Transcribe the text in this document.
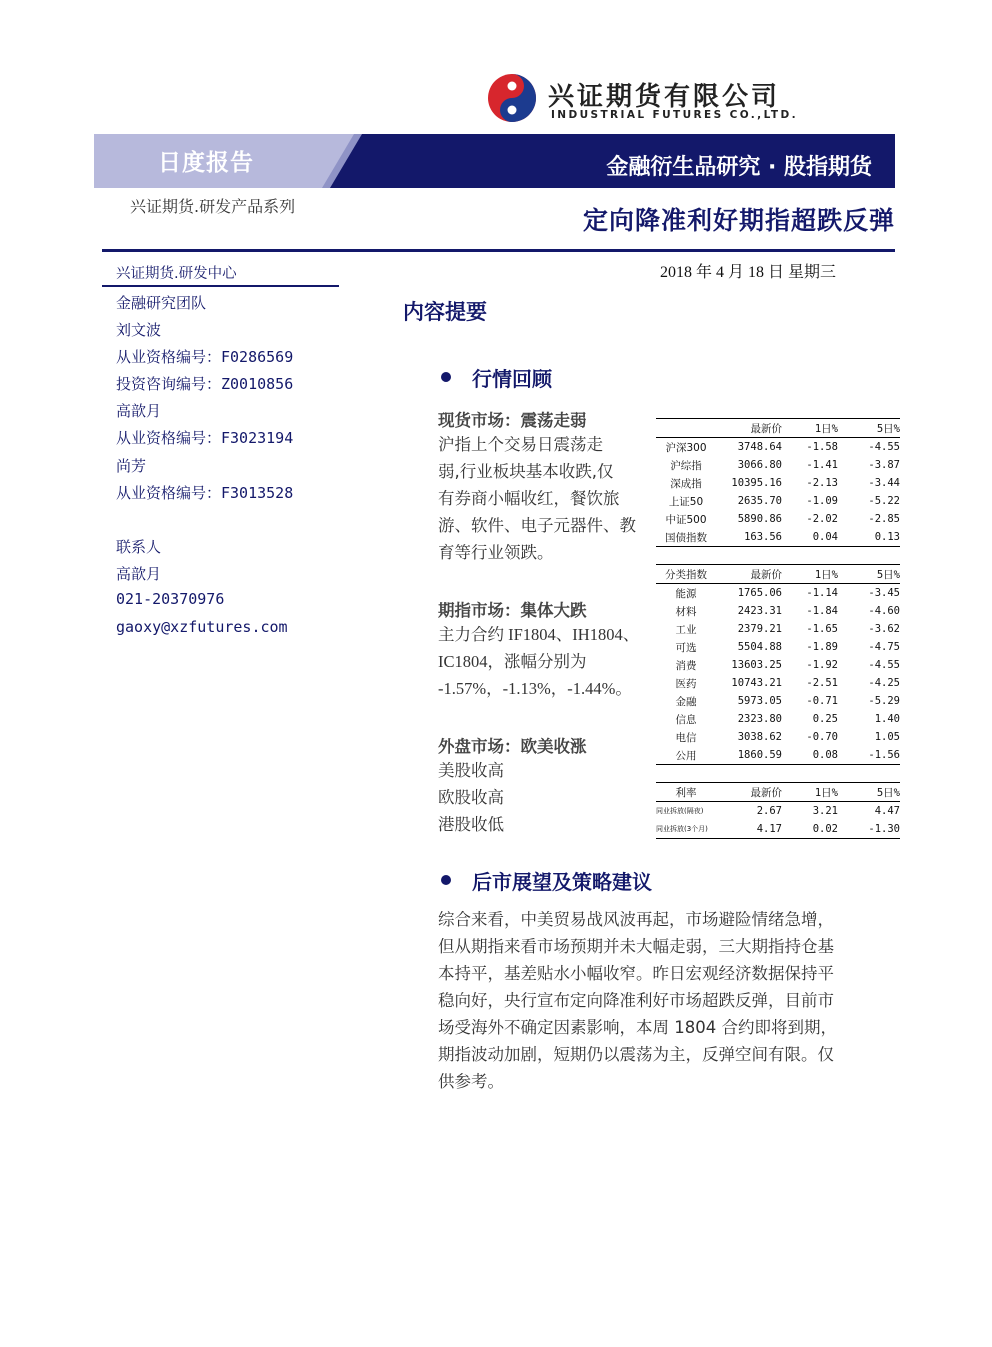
兴证期货有限公司
INDUSTRIAL FUTURES CO.,LTD.
日度报告	金融衍生品研究 · 股指期货
兴证期货.研发产品系列	定向降准利好期指超跌反弹
兴证期货.研发中心
金融研究团队
刘文波
从业资格编号：F0286569
投资咨询编号：Z0010856
高歆月
从业资格编号：F3023194
尚芳
从业资格编号：F3013528
联系人
高歆月
021-20370976
gaoxy@xzfutures.com
2018 年 4 月 18 日 星期三
内容提要
行情回顾
现货市场：震荡走弱
沪指上个交易日震荡走
弱,行业板块基本收跌,仅
有券商小幅收红，餐饮旅
游、软件、电子元器件、教
育等行业领跌。
期指市场：集体大跌
主力合约 IF1804、IH1804、
IC1804，涨幅分别为
-1.57%，-1.13%，-1.44%。
外盘市场：欧美收涨
美股收高
欧股收高
港股收低
	最新价	1日%	5日%
沪深300	3748.64	-1.58	-4.55
沪综指	3066.80	-1.41	-3.87
深成指	10395.16	-2.13	-3.44
上证50	2635.70	-1.09	-5.22
中证500	5890.86	-2.02	-2.85
国债指数	163.56	0.04	0.13
分类指数	最新价	1日%	5日%
能源	1765.06	-1.14	-3.45
材料	2423.31	-1.84	-4.60
工业	2379.21	-1.65	-3.62
可选	5504.88	-1.89	-4.75
消费	13603.25	-1.92	-4.55
医药	10743.21	-2.51	-4.25
金融	5973.05	-0.71	-5.29
信息	2323.80	0.25	1.40
电信	3038.62	-0.70	1.05
公用	1860.59	0.08	-1.56
利率	最新价	1日%	5日%
同业拆放(隔夜)	2.67	3.21	4.47
同业拆放(3个月)	4.17	0.02	-1.30
后市展望及策略建议
综合来看，中美贸易战风波再起，市场避险情绪急增，
但从期指来看市场预期并未大幅走弱，三大期指持仓基
本持平，基差贴水小幅收窄。昨日宏观经济数据保持平
稳向好，央行宣布定向降准利好市场超跌反弹，目前市
场受海外不确定因素影响，本周 1804 合约即将到期，
期指波动加剧，短期仍以震荡为主，反弹空间有限。仅
供参考。
